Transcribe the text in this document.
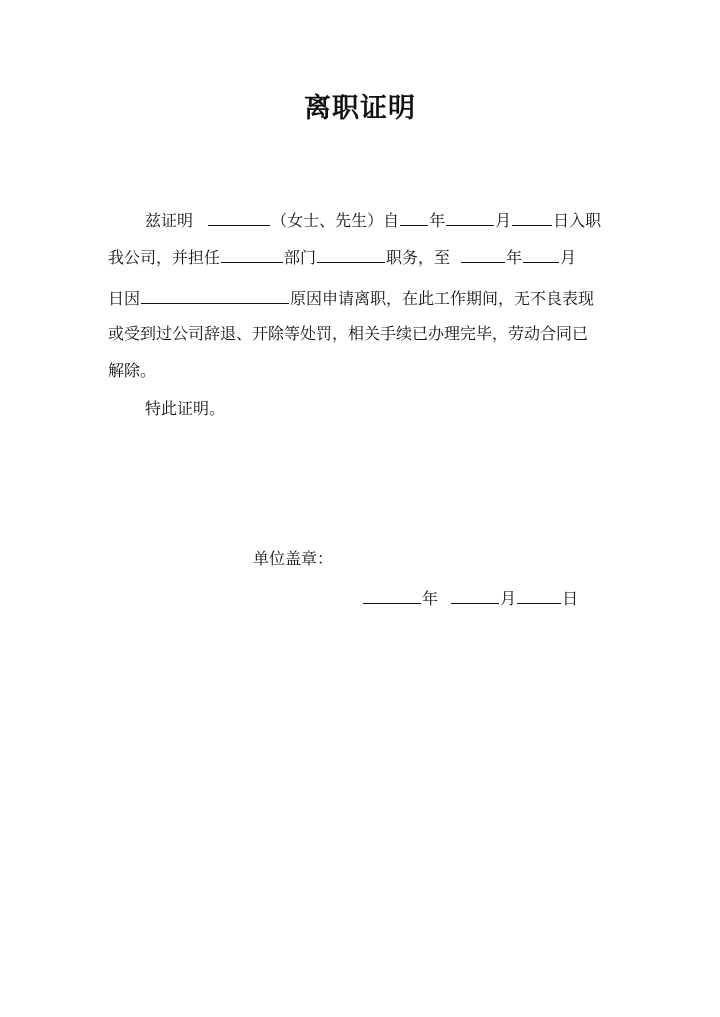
离职证明
兹证明	（女士、先生）自 年	月	日入职
我公司，并担任	部门	职务，至	年 月
日因	原因申请离职，在此工作期间，无不良表现
或受到过公司辞退、开除等处罚，相关手续已办理完毕，劳动合同已
解除。
特此证明。
单位盖章：
年	月	日
